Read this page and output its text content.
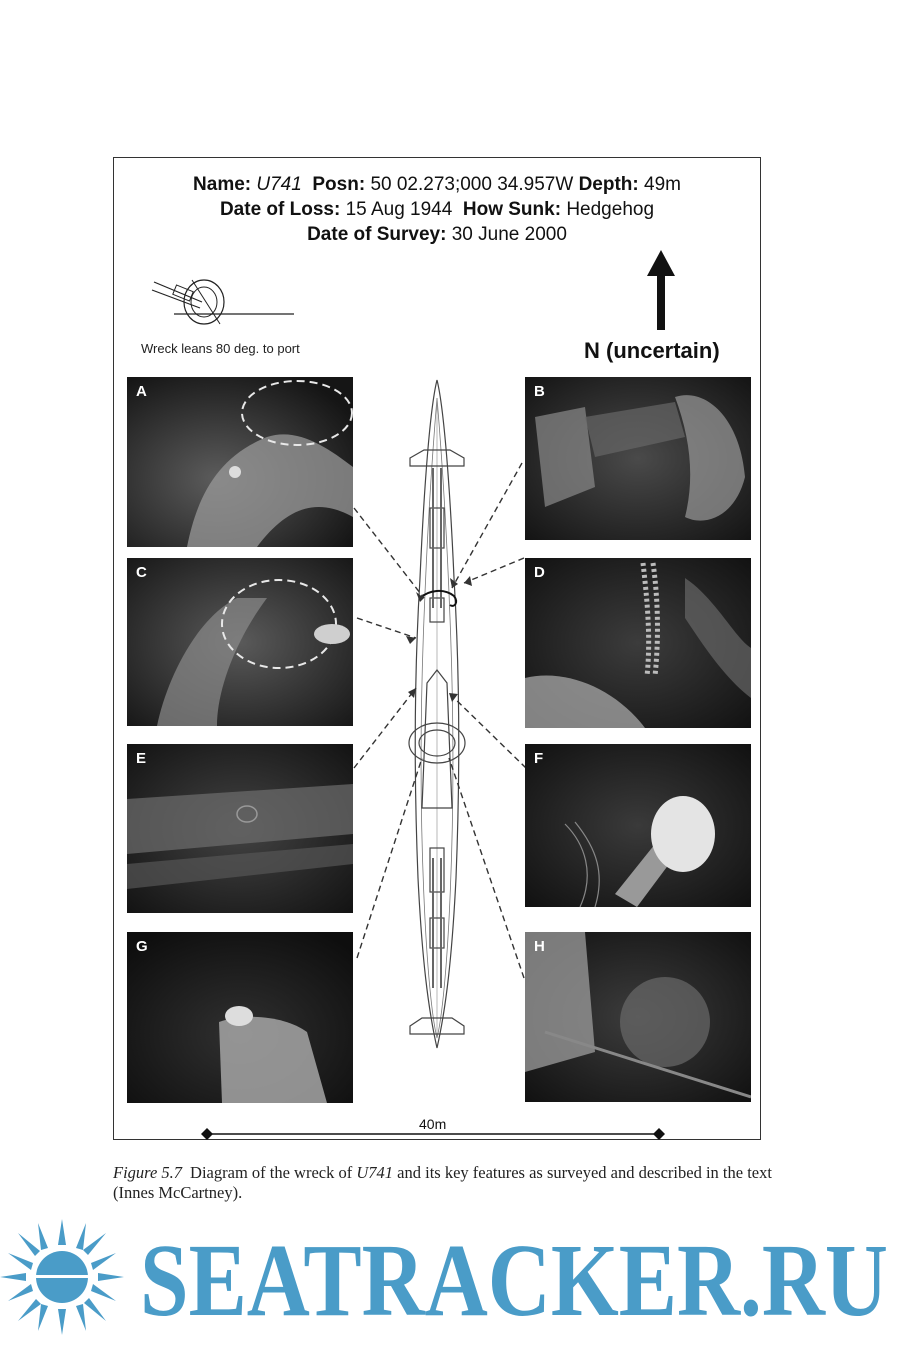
Name: U741 Posn: 50 02.273;000 34.957W Depth: 49m
Date of Loss: 15 Aug 1944 How Sunk: Hedgehog
Date of Survey: 30 June 2000
Wreck leans 80 deg. to port	N (uncertain)
A	B
C	D
E	F
G	H
40m
Figure 5.7 Diagram of the wreck of U741 and its key features as surveyed and described in the text (Innes McCartney).
SEATRACKER.RU
